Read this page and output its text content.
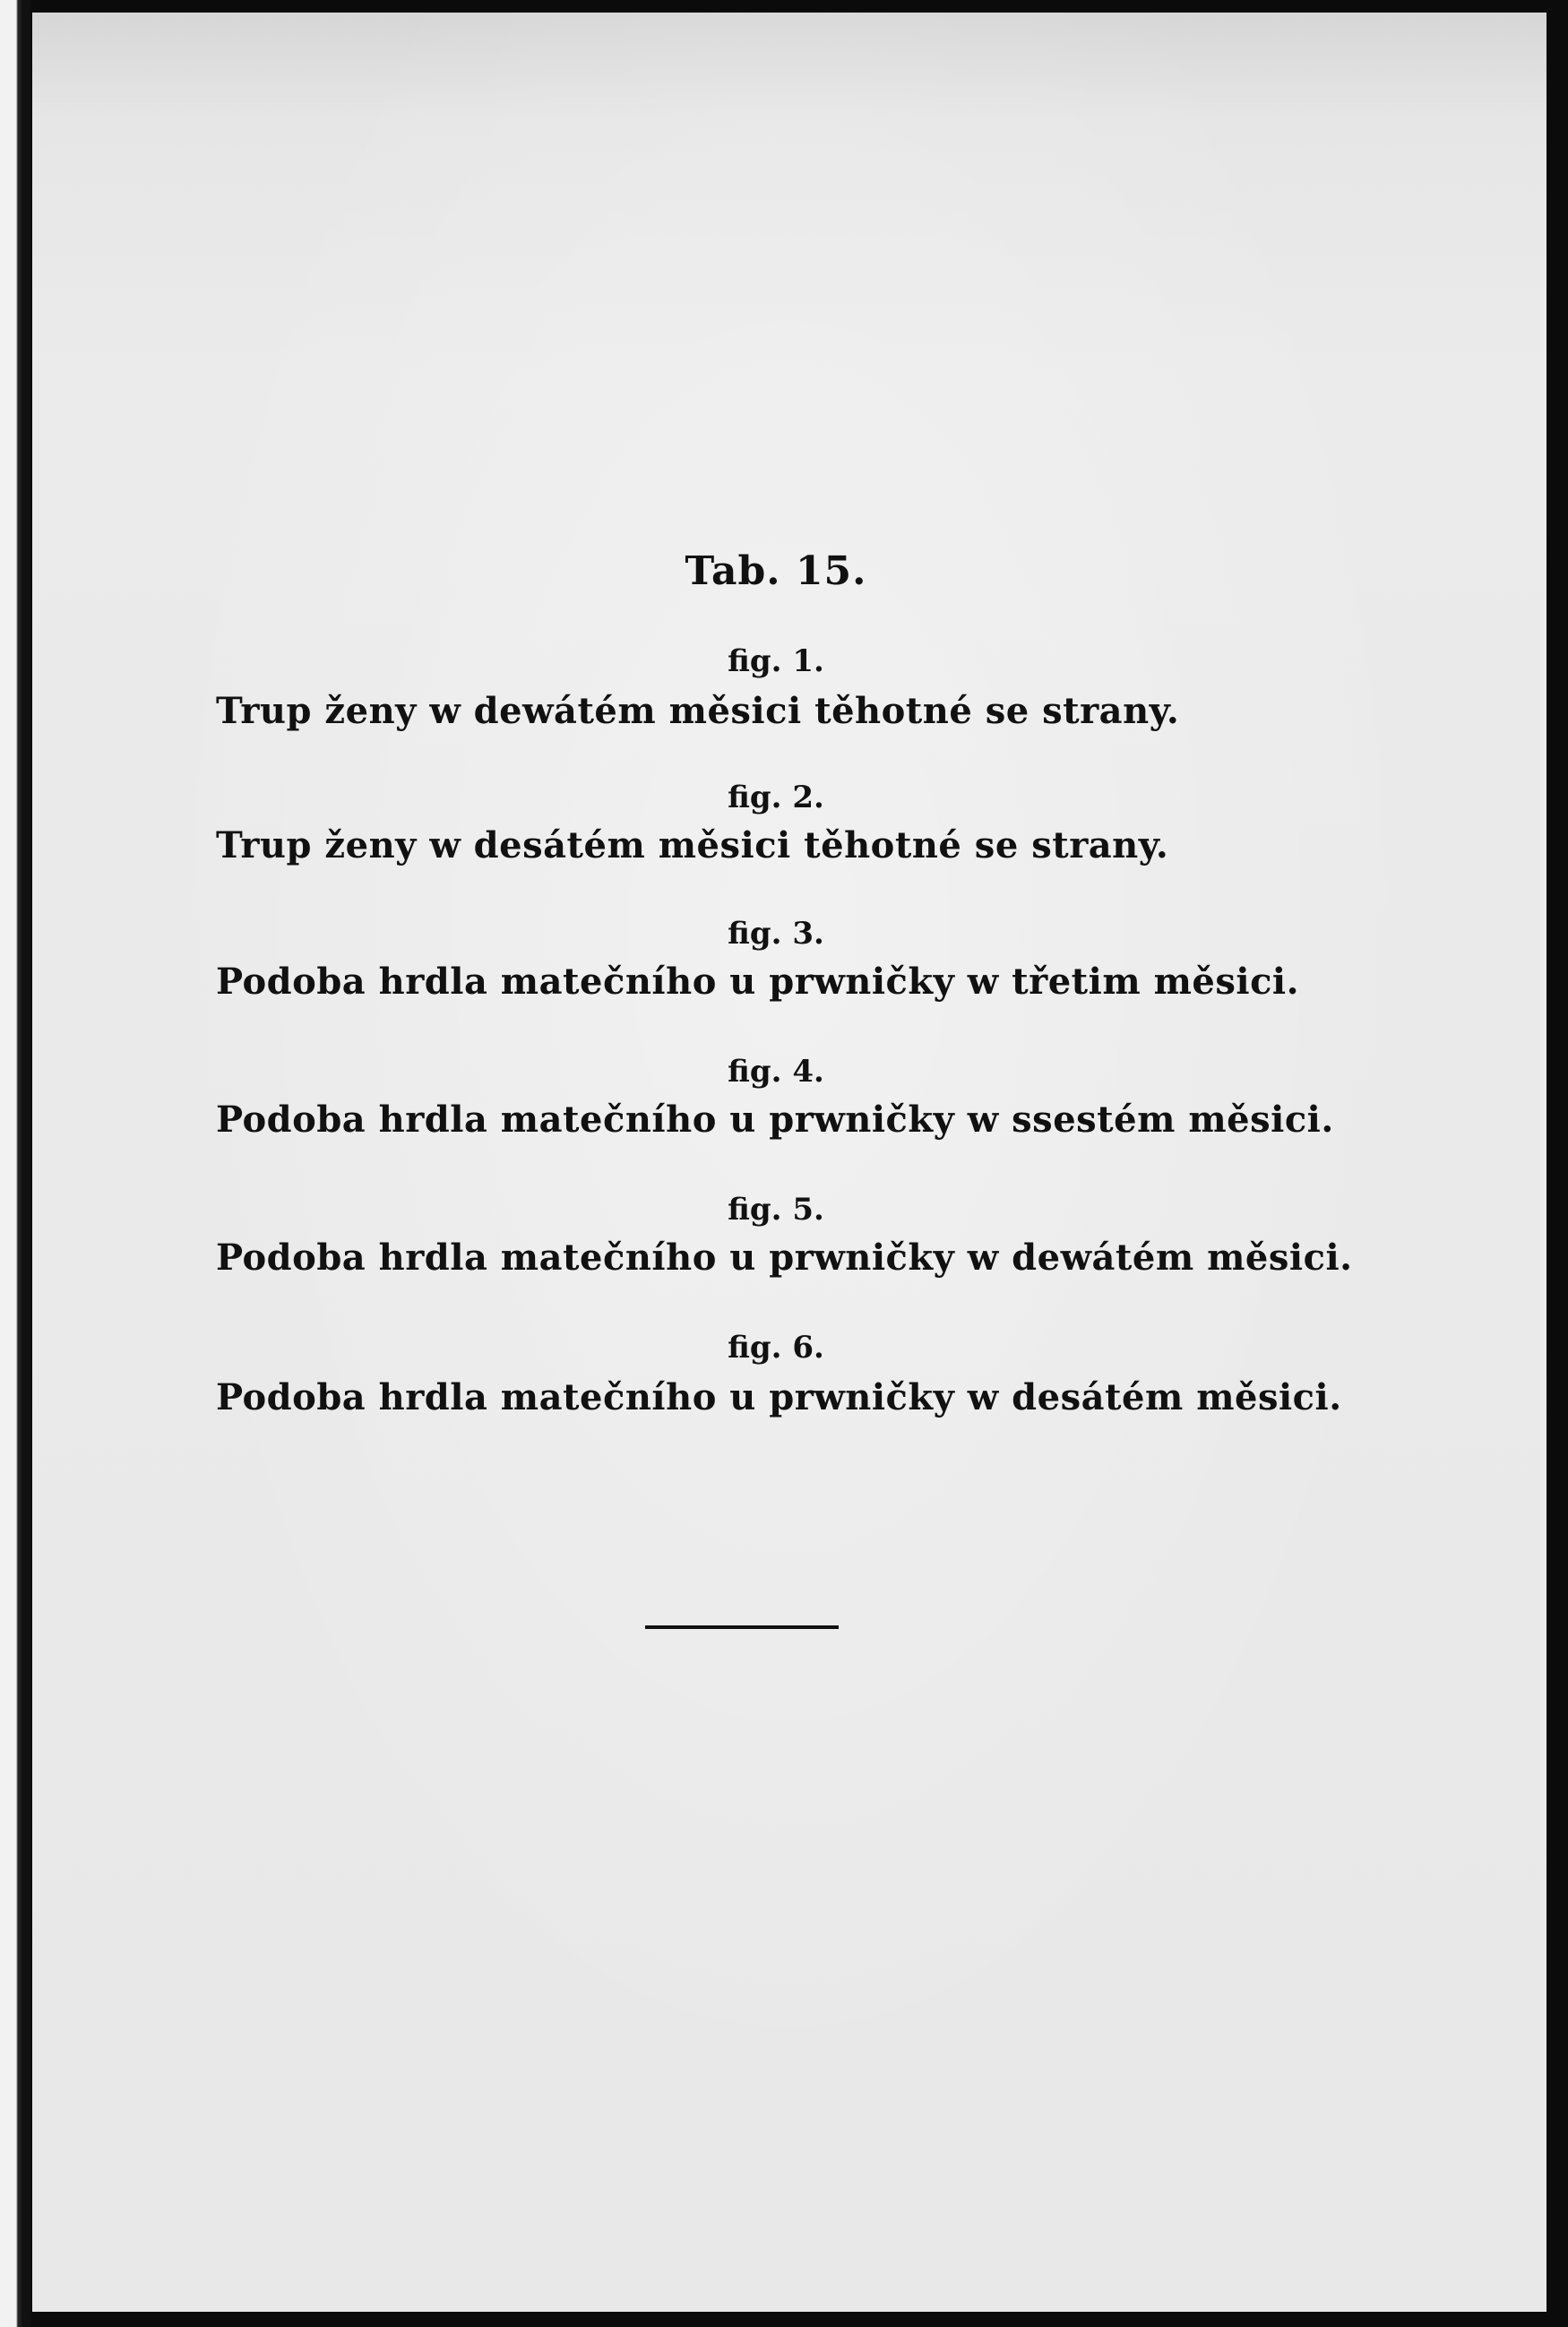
Tab. 15.
fig. 1.
Trup ženy w dewátém měsici těhotné se strany.
fig. 2.
Trup ženy w desátém měsici těhotné se strany.
fig. 3.
Podoba hrdla matečního u prwničky w třetim měsici.
fig. 4.
Podoba hrdla matečního u prwničky w ssestém měsici.
fig. 5.
Podoba hrdla matečního u prwničky w dewátém měsici.
fig. 6.
Podoba hrdla matečního u prwničky w desátém měsici.
